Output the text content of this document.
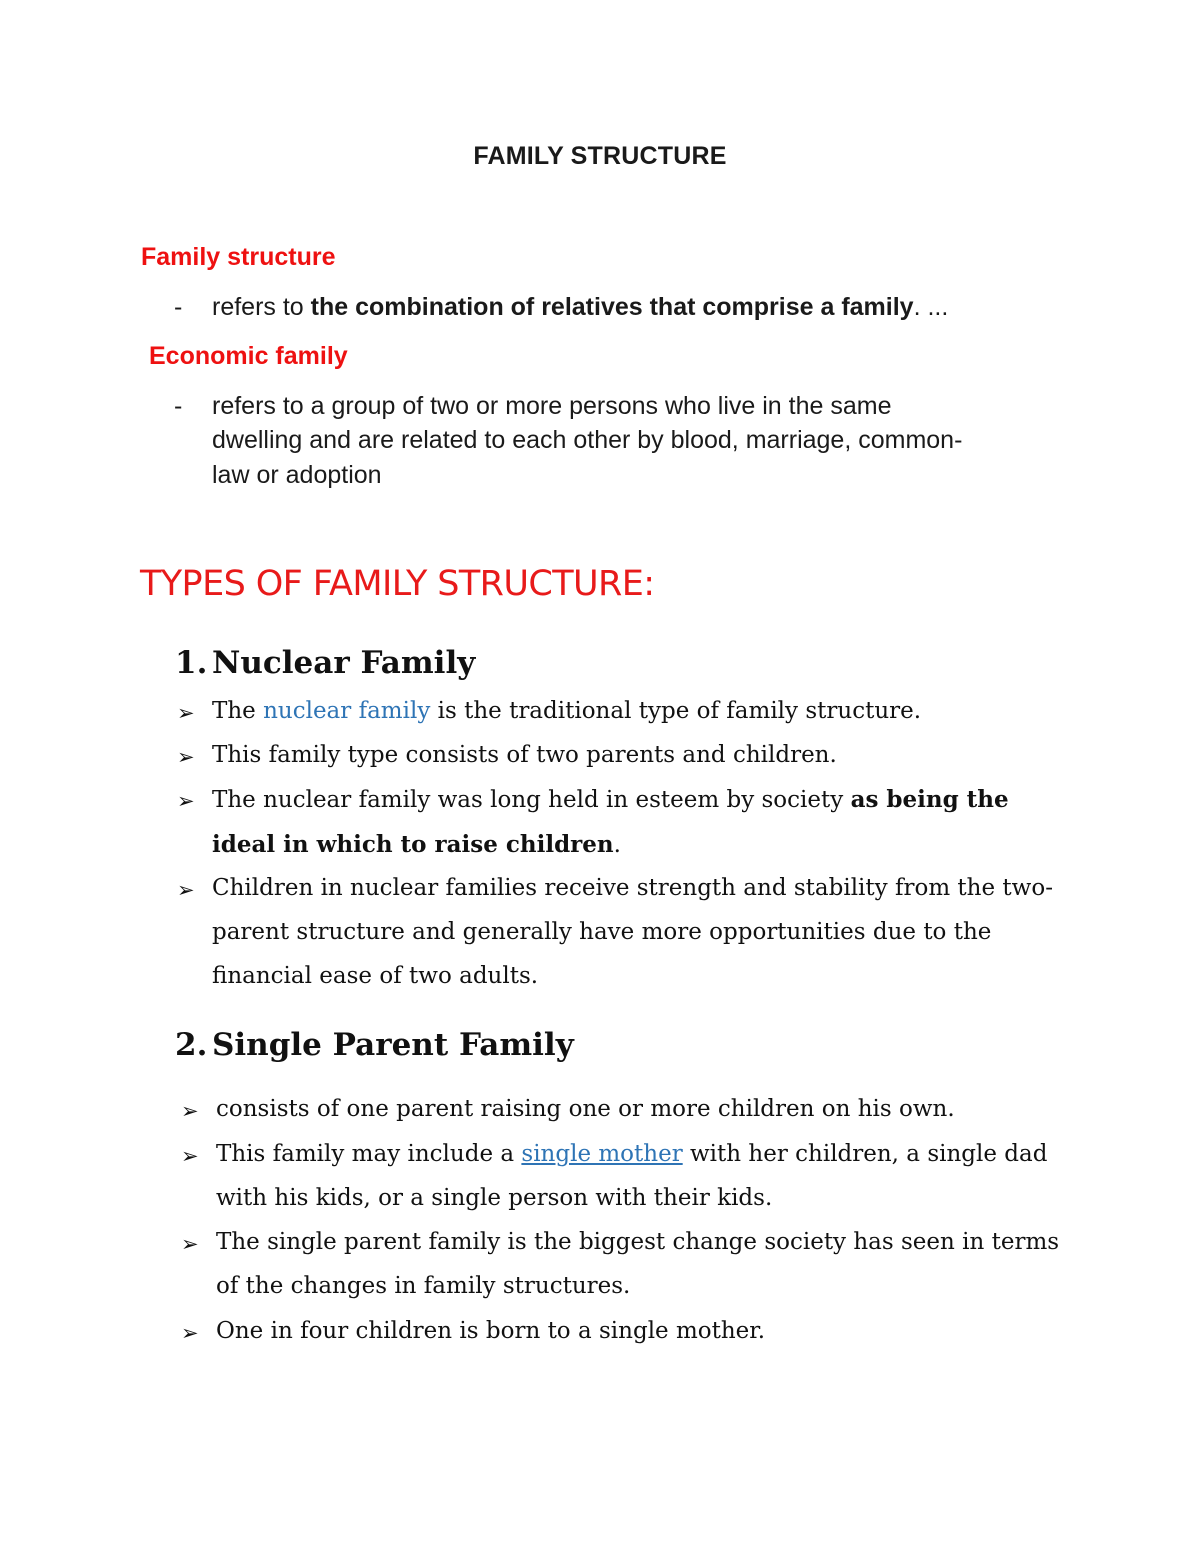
FAMILY STRUCTURE
Family structure
- refers to the combination of relatives that comprise a family. ...
Economic family
- refers to a group of two or more persons who live in the same
dwelling and are related to each other by blood, marriage, common-
law or adoption
TYPES OF FAMILY STRUCTURE:
1. Nuclear Family
➢ The nuclear family is the traditional type of family structure.
➢ This family type consists of two parents and children.
➢ The nuclear family was long held in esteem by society as being the
ideal in which to raise children.
➢ Children in nuclear families receive strength and stability from the two-
parent structure and generally have more opportunities due to the
financial ease of two adults.
2. Single Parent Family
➢ consists of one parent raising one or more children on his own.
➢ This family may include a single mother with her children, a single dad
with his kids, or a single person with their kids.
➢ The single parent family is the biggest change society has seen in terms
of the changes in family structures.
➢ One in four children is born to a single mother.
